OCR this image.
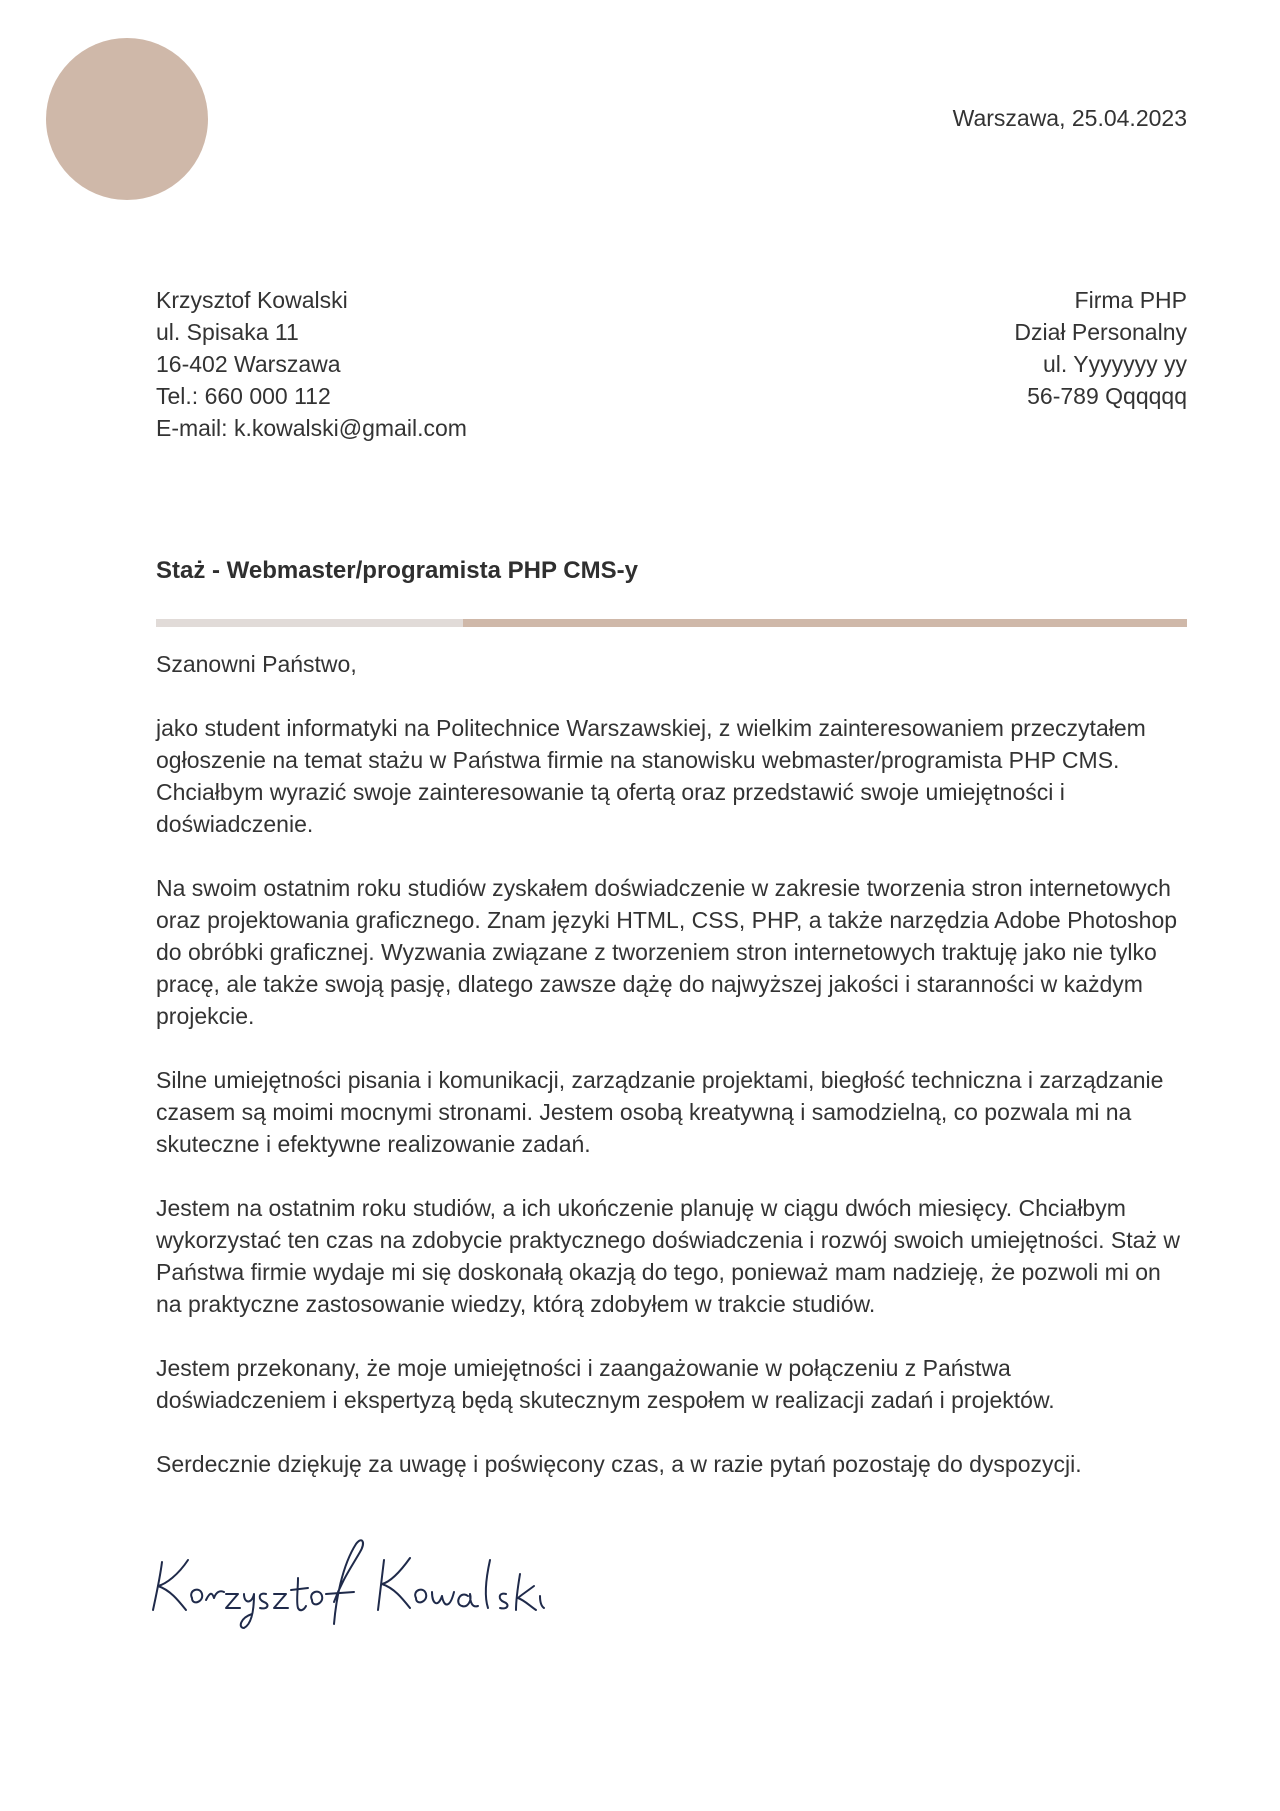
Warszawa, 25.04.2023
Krzysztof Kowalski
ul. Spisaka 11
16-402 Warszawa
Tel.: 660 000 112
E-mail: k.kowalski@gmail.com
Firma PHP
Dział Personalny
ul. Yyyyyyy yy
56-789 Qqqqqq
Staż - Webmaster/programista PHP CMS-y

Szanowni Państwo,

jako student informatyki na Politechnice Warszawskiej, z wielkim zainteresowaniem przeczytałem ogłoszenie na temat stażu w Państwa firmie na stanowisku webmaster/programista PHP CMS. Chciałbym wyrazić swoje zainteresowanie tą ofertą oraz przedstawić swoje umiejętności i doświadczenie.

Na swoim ostatnim roku studiów zyskałem doświadczenie w zakresie tworzenia stron internetowych oraz projektowania graficznego. Znam języki HTML, CSS, PHP, a także narzędzia Adobe Photoshop do obróbki graficznej. Wyzwania związane z tworzeniem stron internetowych traktuję jako nie tylko pracę, ale także swoją pasję, dlatego zawsze dążę do najwyższej jakości i staranności w każdym projekcie.

Silne umiejętności pisania i komunikacji, zarządzanie projektami, biegłość techniczna i zarządzanie czasem są moimi mocnymi stronami. Jestem osobą kreatywną i samodzielną, co pozwala mi na skuteczne i efektywne realizowanie zadań.

Jestem na ostatnim roku studiów, a ich ukończenie planuję w ciągu dwóch miesięcy. Chciałbym wykorzystać ten czas na zdobycie praktycznego doświadczenia i rozwój swoich umiejętności. Staż w Państwa firmie wydaje mi się doskonałą okazją do tego, ponieważ mam nadzieję, że pozwoli mi on na praktyczne zastosowanie wiedzy, którą zdobyłem w trakcie studiów.

Jestem przekonany, że moje umiejętności i zaangażowanie w połączeniu z Państwa doświadczeniem i ekspertyzą będą skutecznym zespołem w realizacji zadań i projektów.

Serdecznie dziękuję za uwagę i poświęcony czas, a w razie pytań pozostaję do dyspozycji.

Korzysztof Kowalski
